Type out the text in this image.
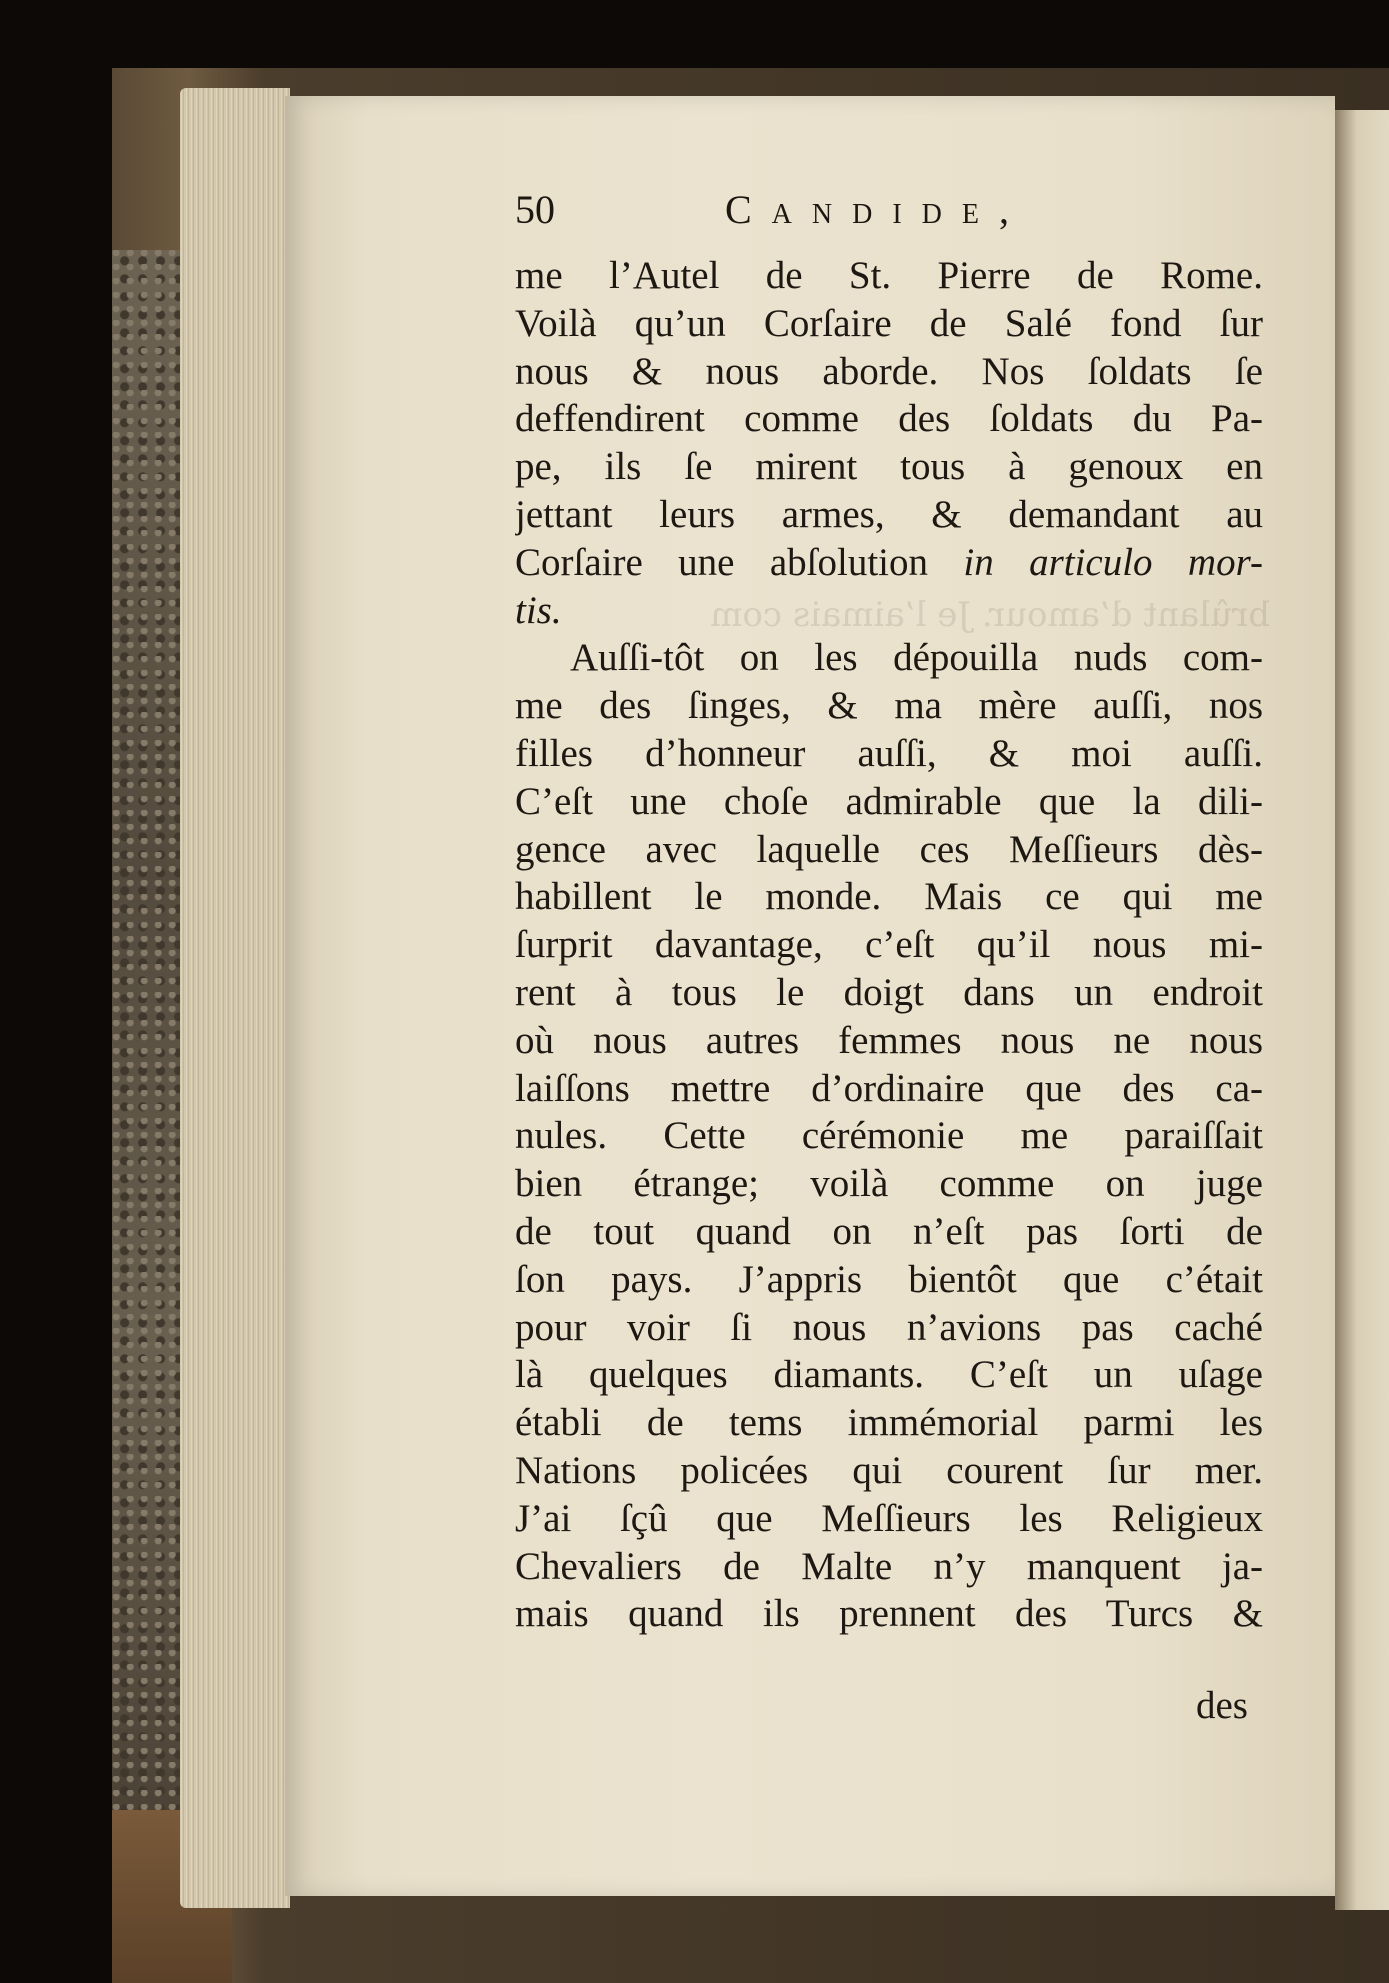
brûlant d’amour. Je l’aimais com
50	Candide,
me l’Autel de St. Pierre de Rome.
Voilà qu’un Corſaire de Salé fond ſur
nous & nous aborde. Nos ſoldats ſe
deffendirent comme des ſoldats du Pa-
pe, ils ſe mirent tous à genoux en
jettant leurs armes, & demandant au
Corſaire une abſolution in articulo mor-
tis.
Auſſi-tôt on les dépouilla nuds com-
me des ſinges, & ma mère auſſi, nos
filles d’honneur auſſi, & moi auſſi.
C’eſt une choſe admirable que la dili-
gence avec laquelle ces Meſſieurs dès-
habillent le monde. Mais ce qui me
ſurprit davantage, c’eſt qu’il nous mi-
rent à tous le doigt dans un endroit
où nous autres femmes nous ne nous
laiſſons mettre d’ordinaire que des ca-
nules. Cette cérémonie me paraiſſait
bien étrange; voilà comme on juge
de tout quand on n’eſt pas ſorti de
ſon pays. J’appris bientôt que c’était
pour voir ſi nous n’avions pas caché
là quelques diamants. C’eſt un uſage
établi de tems immémorial parmi les
Nations policées qui courent ſur mer.
J’ai ſçû que Meſſieurs les Religieux
Chevaliers de Malte n’y manquent ja-
mais quand ils prennent des Turcs &
des
